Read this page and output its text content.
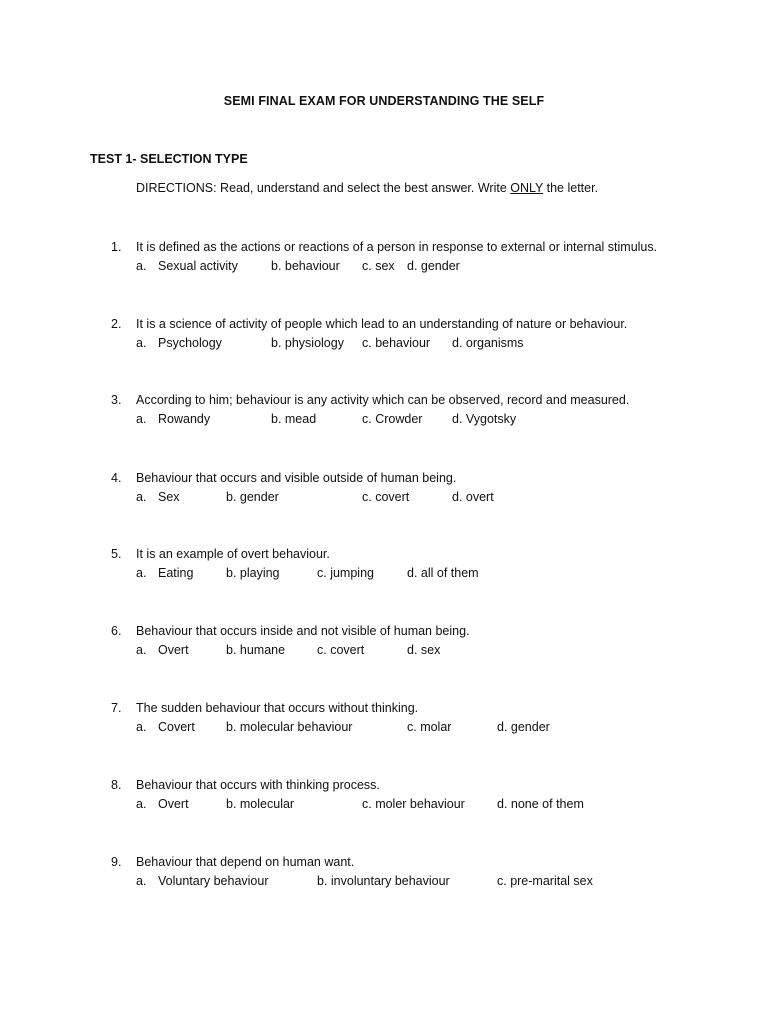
SEMI FINAL EXAM FOR UNDERSTANDING THE SELF
TEST 1- SELECTION TYPE
DIRECTIONS: Read, understand and select the best answer. Write ONLY the letter.
1. It is defined as the actions or reactions of a person in response to external or internal stimulus.
a. Sexual activity	b. behaviour c. sex d. gender
2. It is a science of activity of people which lead to an understanding of nature or behaviour.
a. Psychology	b. physiology c. behaviour d. organisms
3. According to him; behaviour is any activity which can be observed, record and measured.
a. Rowandy	b. mead	c. Crowder d. Vygotsky
4. Behaviour that occurs and visible outside of human being.
a. Sex	b. gender	c. covert	d. overt
5. It is an example of overt behaviour.
a. Eating	b. playing	c. jumping	d. all of them
6. Behaviour that occurs inside and not visible of human being.
a. Overt	b. humane	c. covert	d. sex
7. The sudden behaviour that occurs without thinking.
a. Covert b. molecular behaviour	c. molar	d. gender
8. Behaviour that occurs with thinking process.
a. Overt	b. molecular	c. moler behaviour	d. none of them
9. Behaviour that depend on human want.
a. Voluntary behaviour	b. involuntary behaviour	c. pre-marital sex
